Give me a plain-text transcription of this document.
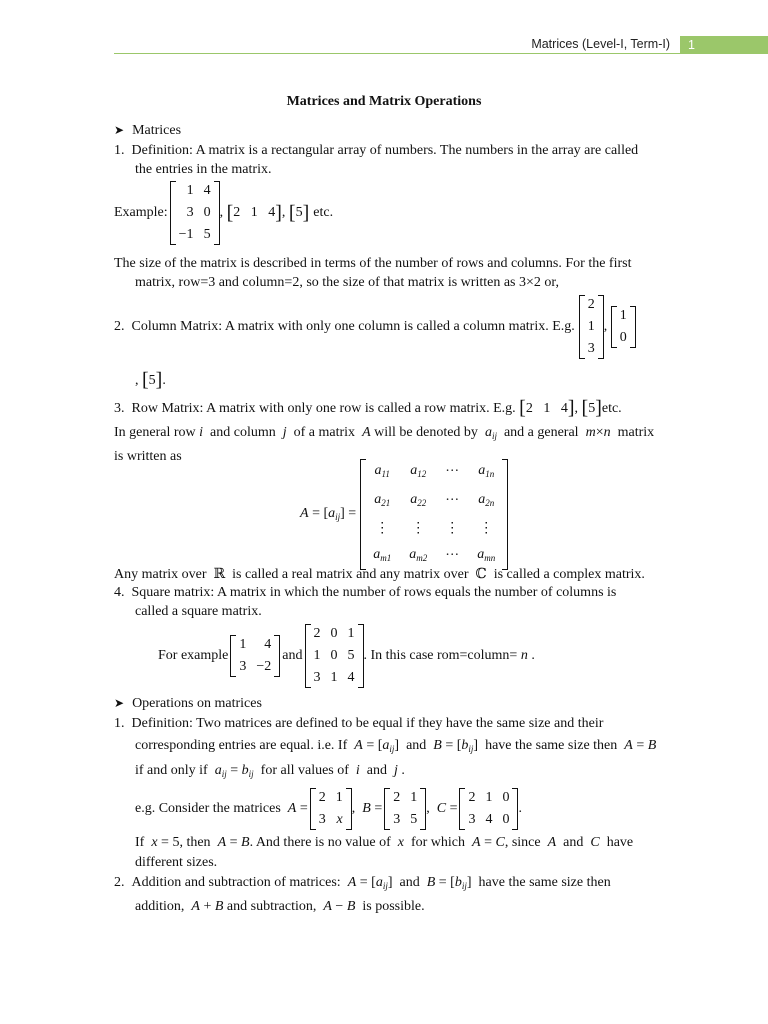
Matrices (Level-I, Term-I)	1
Matrices and Matrix Operations
➤ Matrices
1.  Definition: A matrix is a rectangular array of numbers. The numbers in the array are called
the entries in the matrix.
Example:
1	4
3	0
−1	5
, [ 2   1   4 ] , [ 5 ] etc.
The size of the matrix is described in terms of the number of rows and columns. For the first
matrix, row=3 and column=2, so the size of that matrix is written as 3×2 or,
2.  Column Matrix: A matrix with only one column is called a column matrix. E.g.
2
1
3
,
1
0
, [5].
3.  Row Matrix: A matrix with only one row is called a row matrix. E.g. [2   1   4], [5]etc.
In general row i and column j of a matrix A will be denoted by $a_{ij}$ and a general m×n matrix
is written as
$A = [a_{ij}]$ =
$a_{11}$	$a_{12}$	···	$a_{1n}$
$a_{21}$	$a_{22}$	···	$a_{2n}$
⋮	⋮	⋮	⋮
$a_{m1}$	$a_{m2}$	···	$a_{mn}$
Any matrix over  ℝ  is called a real matrix and any matrix over  ℂ  is called a complex matrix.
4.  Square matrix: A matrix in which the number of rows equals the number of columns is
called a square matrix.
For example
1	4
3	−2
and
2	0	1
1	0	5
3	1	4
. In this case rom=column=
n .
➤ Operations on matrices
1.  Definition: Two matrices are defined to be equal if they have the same size and their
corresponding entries are equal. i.e. If $A = [a_{ij}]$  and $B = [b_{ij}]$  have the same size then A = B
if and only if $a_{ij} = b_{ij}$ for all values of i and j .
e.g. Consider the matrices
A =
2	1
3	x
,  B =
2	1
3	5
,  C =
2	1	0
3	4	0
.
If x = 5, then A = B. And there is no value of x for which A = C, since A and C have
different sizes.
2.  Addition and subtraction of matrices: $A = [a_{ij}]$  and $B = [b_{ij}]$  have the same size then
addition, A + B and subtraction, A − B is possible.
